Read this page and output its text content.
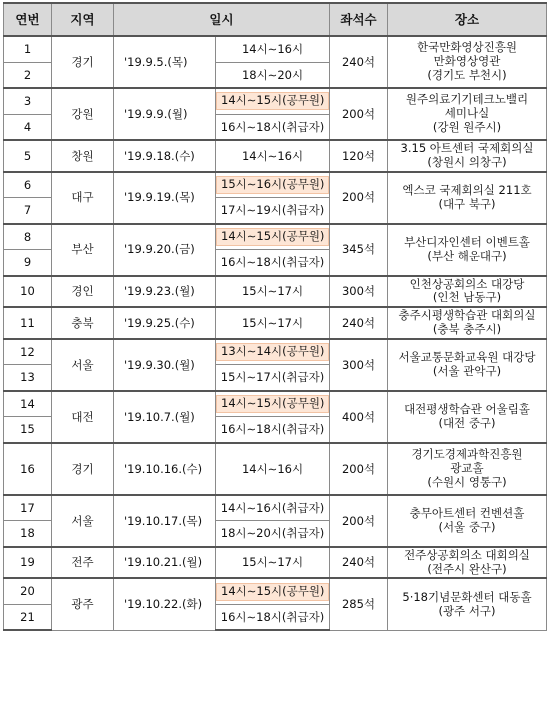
연번	지역	일시		좌석수	장소
1	경기	'19.9.5.(목)	14시∼16시	240석	한국만화영상진흥원
만화영상영관
(경기도 부천시)

2			18시∼20시		
3	강원	'19.9.9.(월)	14시∼15시(공무원)	200석	원주의료기기테크노밸리
세미나실
(강원 원주시)

4			16시∼18시(취급자)		
5	창원	'19.9.18.(수)	14시∼16시	120석	3.15 아트센터 국제회의실
(창원시 의창구)

6	대구	'19.9.19.(목)	15시∼16시(공무원)	200석	엑스코 국제회의실 211호
(대구 북구)

7			17시∼19시(취급자)		
8	부산	'19.9.20.(금)	14시∼15시(공무원)	345석	부산디자인센터 이벤트홀
(부산 해운대구)

9			16시∼18시(취급자)		
10	경인	'19.9.23.(월)	15시∼17시	300석	인천상공회의소 대강당
(인천 남동구)

11	충북	'19.9.25.(수)	15시∼17시	240석	충주시평생학습관 대회의실
(충북 충주시)

12	서울	'19.9.30.(월)	13시∼14시(공무원)	300석	서울교통문화교육원 대강당
(서울 관악구)

13			15시∼17시(취급자)		
14	대전	'19.10.7.(월)	14시∼15시(공무원)	400석	대전평생학습관 어울림홀
(대전 중구)

15			16시∼18시(취급자)		
16	경기	'19.10.16.(수)	14시∼16시	200석	경기도경제과학진흥원
광교홀
(수원시 영통구)

17	서울	'19.10.17.(목)	14시∼16시(취급자)	200석	충무아트센터 컨벤션홀
(서울 중구)

18			18시∼20시(취급자)		
19	전주	'19.10.21.(월)	15시∼17시	240석	전주상공회의소 대회의실
(전주시 완산구)

20	광주	'19.10.22.(화)	14시∼15시(공무원)	285석	5·18기념문화센터 대동홀
(광주 서구)

21			16시∼18시(취급자)		
